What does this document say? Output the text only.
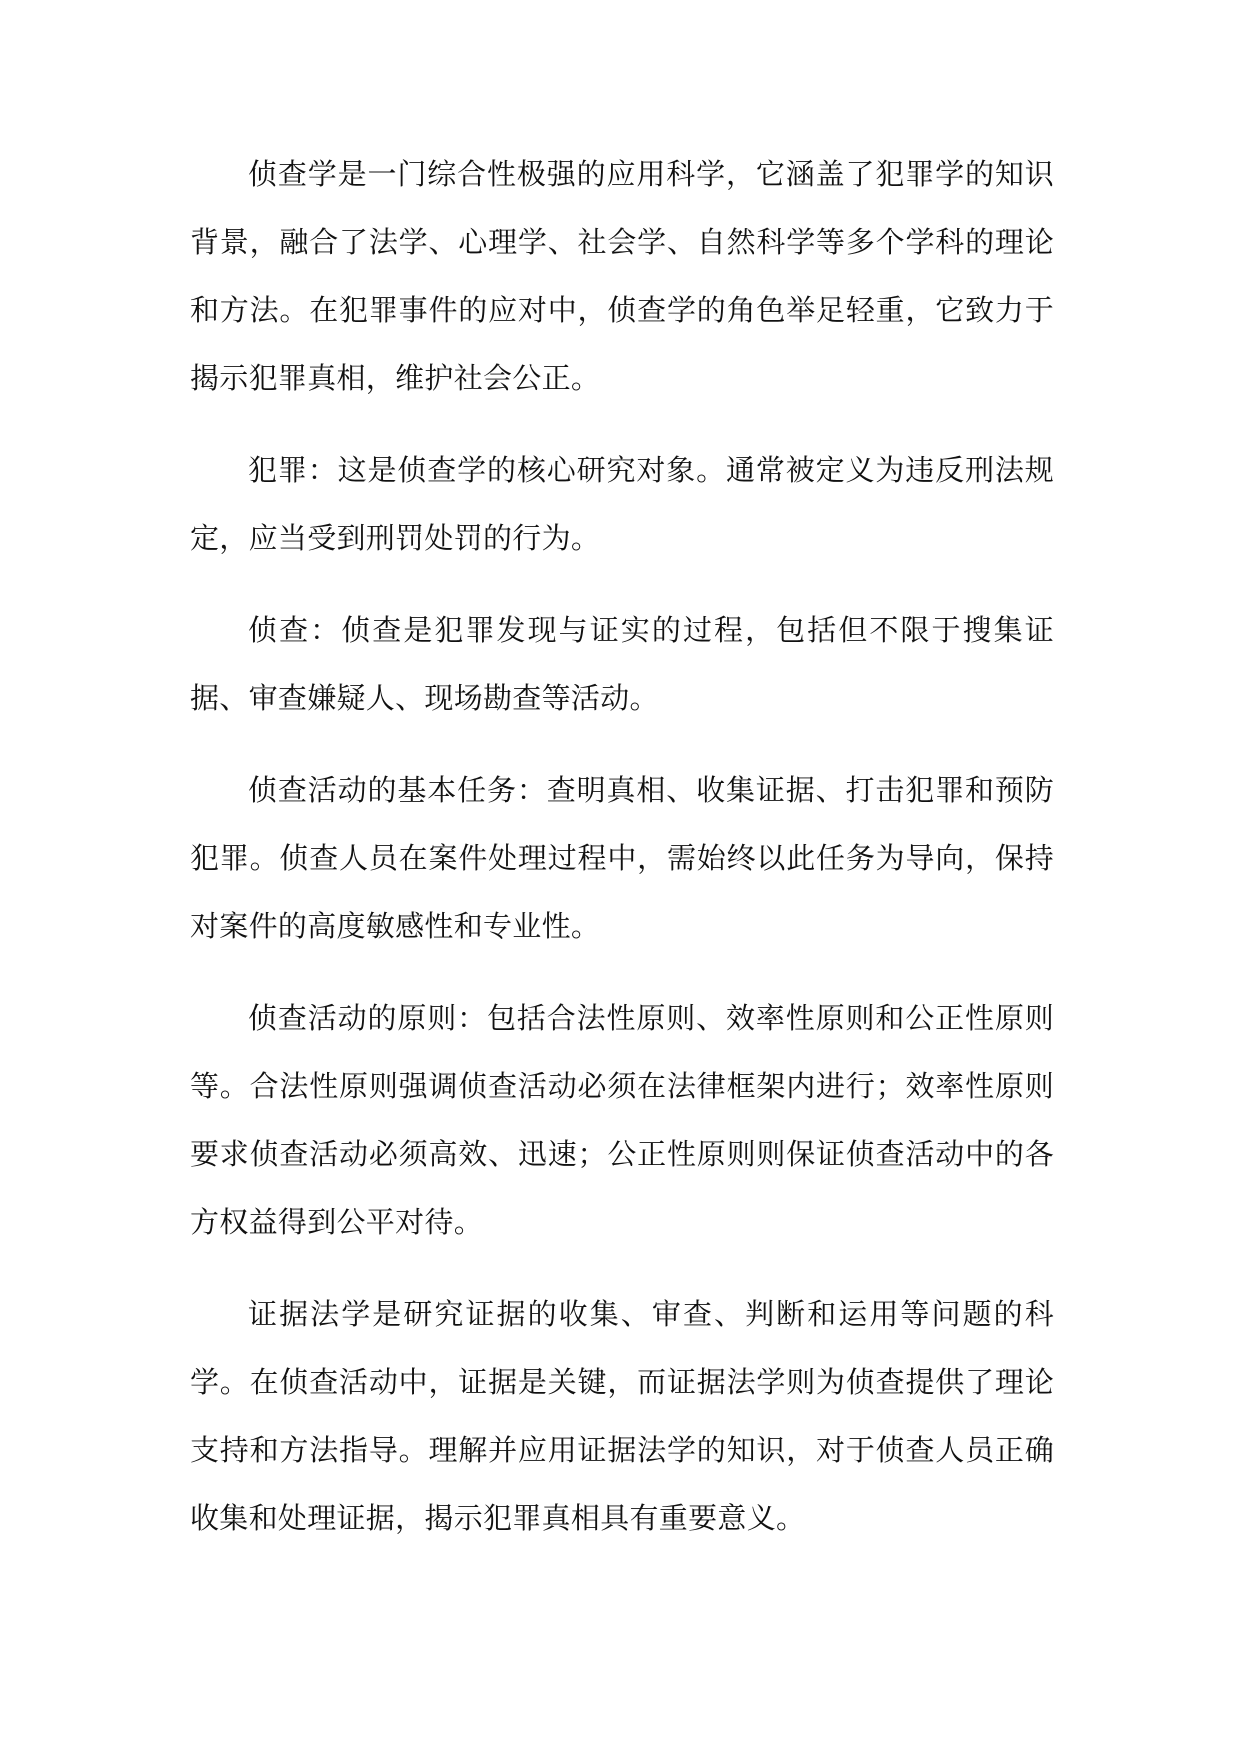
侦查学是一门综合性极强的应用科学，它涵盖了犯罪学的知识背景，融合了法学、心理学、社会学、自然科学等多个学科的理论和方法。在犯罪事件的应对中，侦查学的角色举足轻重，它致力于揭示犯罪真相，维护社会公正。

犯罪：这是侦查学的核心研究对象。通常被定义为违反刑法规定，应当受到刑罚处罚的行为。

侦查：侦查是犯罪发现与证实的过程，包括但不限于搜集证据、审查嫌疑人、现场勘查等活动。

侦查活动的基本任务：查明真相、收集证据、打击犯罪和预防犯罪。侦查人员在案件处理过程中，需始终以此任务为导向，保持对案件的高度敏感性和专业性。

侦查活动的原则：包括合法性原则、效率性原则和公正性原则等。合法性原则强调侦查活动必须在法律框架内进行；效率性原则要求侦查活动必须高效、迅速；公正性原则则保证侦查活动中的各方权益得到公平对待。

证据法学是研究证据的收集、审查、判断和运用等问题的科学。在侦查活动中，证据是关键，而证据法学则为侦查提供了理论支持和方法指导。理解并应用证据法学的知识，对于侦查人员正确收集和处理证据，揭示犯罪真相具有重要意义。
